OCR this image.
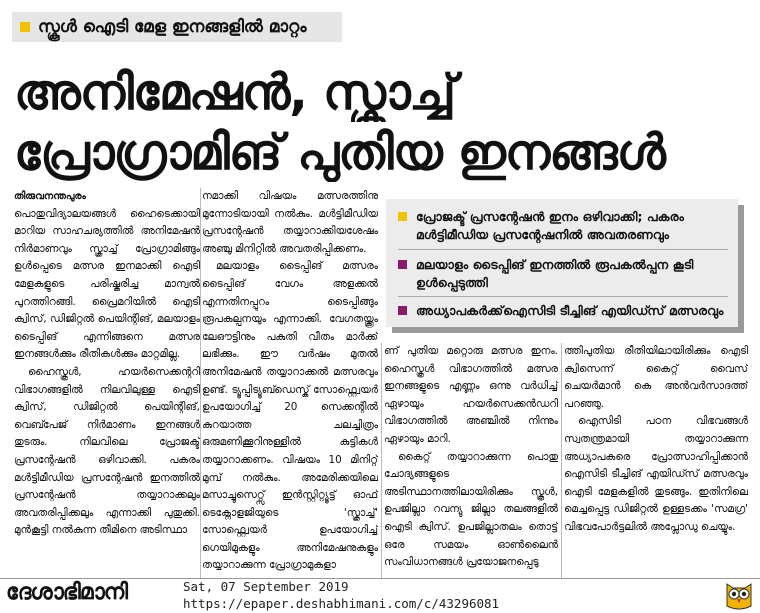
സ്കൂൾ ഐടി മേള ഇനങ്ങളിൽ മാറ്റം
അനിമേഷൻ, സ്ക്രാച്ച്
പ്രോഗ്രാമിങ് പുതിയ ഇനങ്ങൾ

തിരുവനന്തപുരം

പൊതുവിദ്യാലയങ്ങൾ ഹൈടെക്കായി മാറിയ സാഹചര്യത്തിൽ അനിമേഷൻ നിർമാണവും സ്ക്രാച്ച് പ്രോഗ്രാമിങ്ങും ഉൾപ്പെടെ മത്സര ഇനമാക്കി ഐടി മേളകളുടെ പരിഷ്കരിച്ച മാന്വൽ പുറത്തിറങ്ങി. പ്രൈമറിയിൽ ഐടി ക്വിസ്, ഡിജിറ്റൽ പെയിന്റിങ്, മലയാളം ടൈപ്പിങ് എന്നിങ്ങനെ മത്സര ഇനങ്ങൾക്കും രീതികൾക്കും മാറ്റമില്ല.

ഹൈസ്കൂൾ, ഹയർസെക്കന്ററി വിഭാഗങ്ങളിൽ നിലവിലുള്ള ഐടി ക്വിസ്, ഡിജിറ്റൽ പെയിന്റിങ്, വെബ്പേജ് നിർമാണം ഇനങ്ങൾ തുടരും. നിലവിലെ പ്രോജക്ട് പ്രസന്റേഷൻ ഒഴിവാക്കി. പകരം മൾട്ടിമീഡിയ പ്രസന്റേഷൻ ഇനത്തിൽ പ്രസന്റേഷൻ തയ്യാറാക്കലും അവതരിപ്പിക്കലും എന്നാക്കി പുതുക്കി. മുൻകൂട്ടി നൽകുന്ന തീമിനെ അടിസ്ഥാ

നമാക്കി വിഷയം മത്സരത്തിനു മുന്നോടിയായി നൽകും. മൾട്ടിമീഡിയ പ്രസന്റേഷൻ തയ്യാറാക്കിയശേഷം അഞ്ചു മിനിറ്റിൽ അവതരിപ്പിക്കണം.

മലയാളം ടൈപ്പിങ് മത്സരം ടൈപ്പിങ് വേഗം അളക്കൽ എന്നതിനപ്പുറം ടൈപ്പിങ്ങും രൂപകല്പനയും എന്നാക്കി. വേഗതയ്ക്കൂം ലേഔട്ടിനും പകുതി വീതം മാർക്ക് ലഭിക്കും. ഈ വർഷം മുതൽ അനിമേഷൻ തയ്യാറാക്കൽ മത്സരവും ഉണ്ട്. ട്യൂപ്പിട്യൂബ്ഡെസ്ക് സോഫ്റ്റ്വെയർ ഉപയോഗിച്ച് 20 സെക്കന്റിൽ കുറയാത്ത ചലച്ചിത്രം ഒരുമണിക്കൂറിനുള്ളിൽ കുട്ടികൾ തയ്യാറാക്കണം. വിഷയം 10 മിനിറ്റ് മുമ്പ് നൽകും. അമേരിക്കയിലെ മസാച്ചുസെറ്റ്സ് ഇൻസ്റ്റിറ്റ്യൂട്ട് ഓഫ് ടെക്നോളജിയുടെ 'സ്ക്രാച്ച്' സോഫ്റ്റ്വെയർ ഉപയോഗിച്ച് ഗെയിമുകളും അനിമേഷനുകളും തയ്യാറാക്കുന്ന പ്രോഗ്രാമുകളാ

പ്രോജക്ട് പ്രസന്റേഷൻ ഇനം ഒഴിവാക്കി; പകരം മൾട്ടിമീഡിയ പ്രസന്റേഷനിൽ അവതരണവും
മലയാളം ടൈപ്പിങ് ഇനത്തിൽ രൂപകൽപ്പന കൂടി ഉൾപ്പെടുത്തി
അധ്യാപകർക്ക്ഐസിടി ടീച്ചിങ് എയിഡ്സ് മത്സരവും

ണ് പുതിയ മറ്റൊരു മത്സര ഇനം. ഹൈസ്കൂൾ വിഭാഗത്തിൽ മത്സര ഇനങ്ങളുടെ എണ്ണം ഒന്നു വർധിച്ച് ഏഴായും ഹയർസെക്കൻഡറി വിഭാഗത്തിൽ അഞ്ചിൽ നിന്നും ഏഴായും മാറി.

കൈറ്റ് തയ്യാറാക്കുന്ന പൊതു ചോദ്യങ്ങളുടെ അടിസ്ഥാനത്തിലായിരിക്കും സ്കൂൾ, ഉപജില്ലാ റവന്യു ജില്ലാ തലങ്ങളിൽ ഐടി ക്വിസ്. ഉപജില്ലാതലം തൊട്ട് ഒരേ സമയം ഓൺലൈൻ സംവിധാനങ്ങൾ പ്രയോജനപ്പെടു

ത്തിപുതിയ രീതിയിലായിരിക്കും ഐടി ക്വിസെന്ന് കൈറ്റ് വൈസ് ചെയർമാൻ കെ അൻവർസാദത്ത് പറഞ്ഞു.

ഐസിടി പഠന വിഭവങ്ങൾ സ്വതന്ത്രമായി തയ്യാറാക്കുന്ന അധ്യാപകരെ പ്രോത്സാഹിപ്പിക്കാൻ ഐസിടി ടീച്ചിങ് എയിഡ്സ് മത്സരവും ഐടി മേളകളിൽ തുടങ്ങും. ഇതിനിലെ മെച്ചപ്പെട്ട ഡിജിറ്റൽ ഉള്ളടക്കം 'സമഗ്ര' വിഭവപോർട്ടലിൽ അപ്ലോഡു ചെയ്യും.

ദേശാഭിമാനി	Sat, 07 September 2019
https://epaper.deshabhimani.com/c/43296081
